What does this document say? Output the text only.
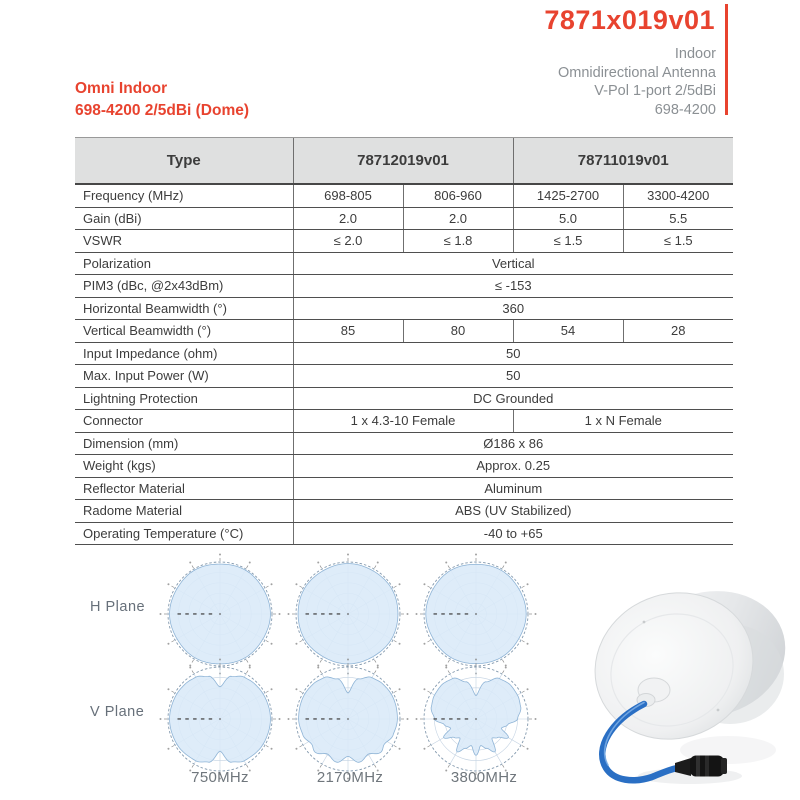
7871x019v01
Indoor
Omnidirectional Antenna
V-Pol 1-port 2/5dBi
698-4200
Omni Indoor
698-4200 2/5dBi (Dome)
Type	78712019v01		78711019v01	
Frequency (MHz)	698-805	806-960	1425-2700	3300-4200
Gain (dBi)	2.0	2.0	5.0	5.5
VSWR	≤ 2.0	≤ 1.8	≤ 1.5	≤ 1.5
Polarization	Vertical			
PIM3 (dBc, @2x43dBm)	≤ -153			
Horizontal Beamwidth (°)	360			
Vertical Beamwidth (°)	85	80	54	28
Input Impedance (ohm)	50			
Max. Input Power (W)	50			
Lightning Protection	DC Grounded			
Connector	1 x 4.3-10 Female		1 x N Female	
Dimension (mm)	Ø186 x 86			
Weight (kgs)	Approx. 0.25			
Reflector Material	Aluminum			
Radome Material	ABS (UV Stabilized)			
Operating Temperature (°C)	-40 to +65			
H Plane
V Plane
750MHz	2170MHz	3800MHz
